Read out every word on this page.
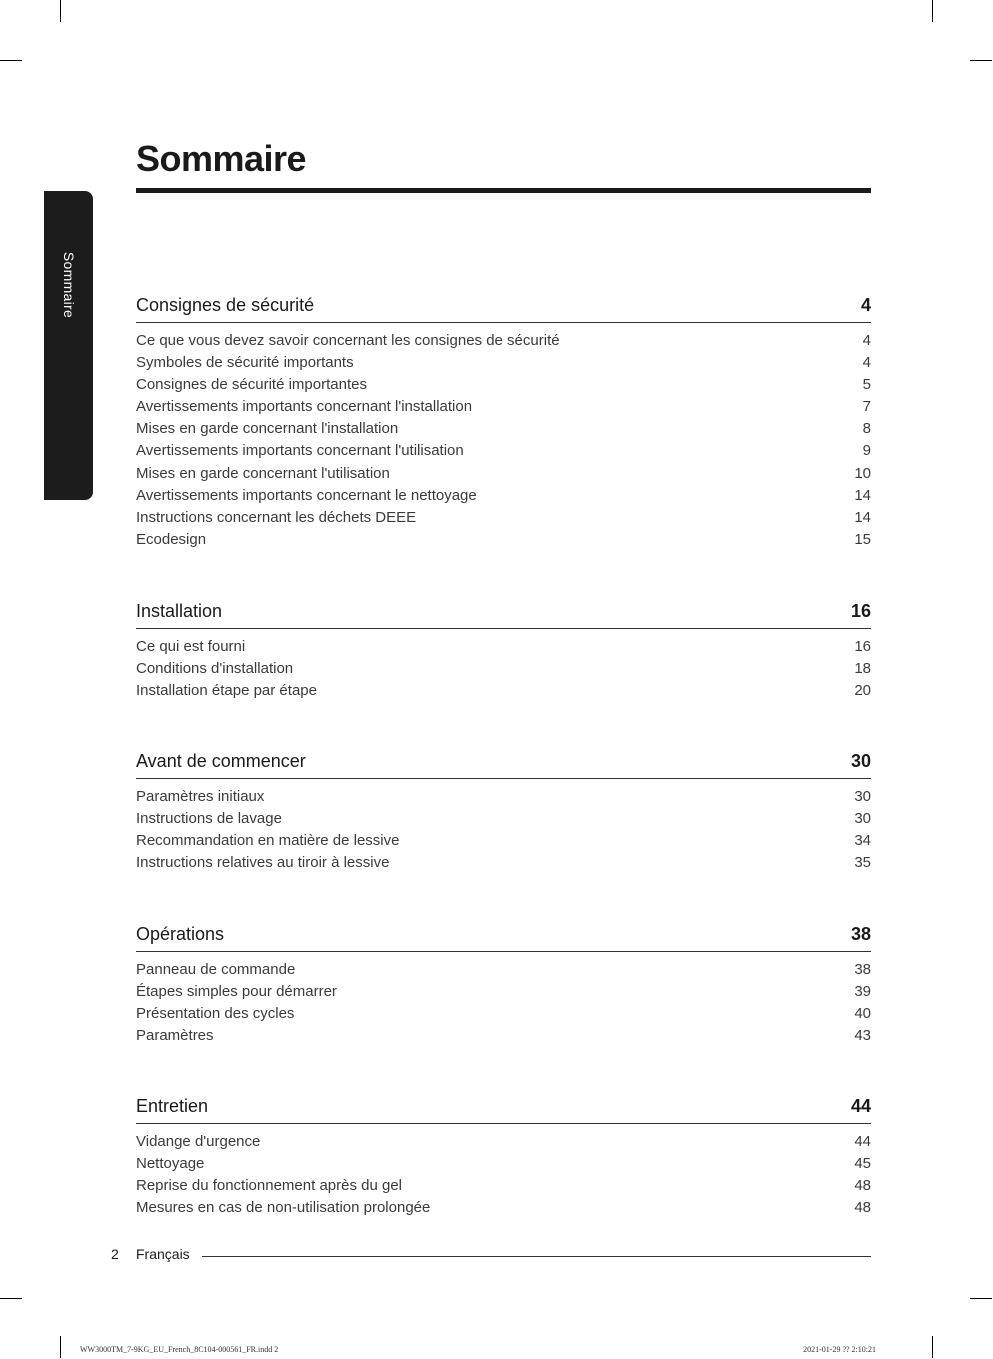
Sommaire
Sommaire
Consignes de sécurité	4
Ce que vous devez savoir concernant les consignes de sécurité	4
Symboles de sécurité importants	4
Consignes de sécurité importantes	5
Avertissements importants concernant l'installation	7
Mises en garde concernant l'installation	8
Avertissements importants concernant l'utilisation	9
Mises en garde concernant l'utilisation	10
Avertissements importants concernant le nettoyage	14
Instructions concernant les déchets DEEE	14
Ecodesign	15
Installation	16
Ce qui est fourni	16
Conditions d'installation	18
Installation étape par étape	20
Avant de commencer	30
Paramètres initiaux	30
Instructions de lavage	30
Recommandation en matière de lessive	34
Instructions relatives au tiroir à lessive	35
Opérations	38
Panneau de commande	38
Étapes simples pour démarrer	39
Présentation des cycles	40
Paramètres	43
Entretien	44
Vidange d'urgence	44
Nettoyage	45
Reprise du fonctionnement après du gel	48
Mesures en cas de non-utilisation prolongée	48
2 Français
WW3000TM_7-9KG_EU_French_8C104-000561_FR.indd 2	2021-01-29 ?? 2:10:21
